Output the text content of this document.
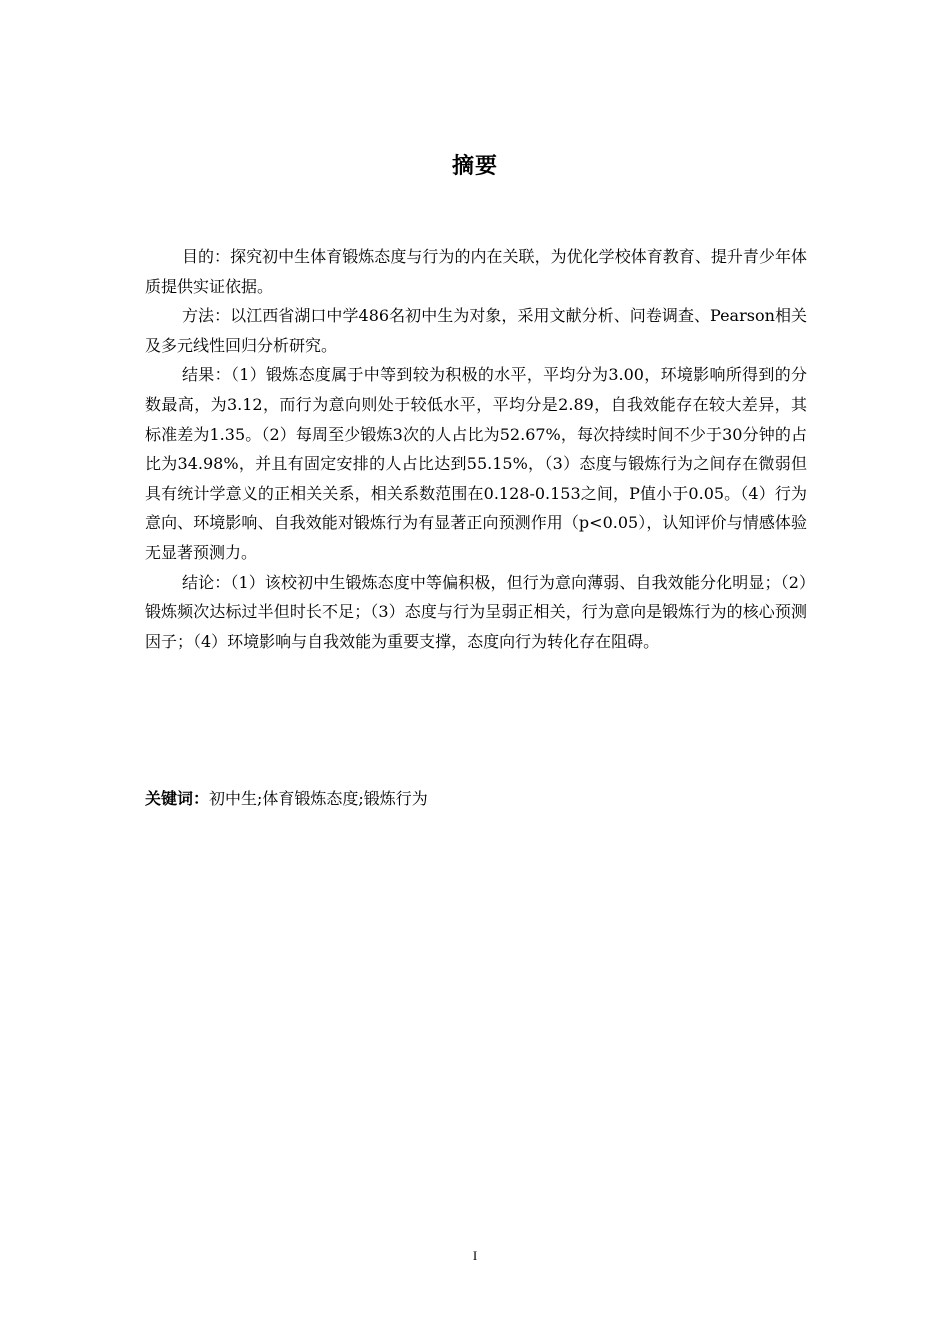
摘要

目的：探究初中生体育锻炼态度与行为的内在关联，为优化学校体育教育、提升青少年体质提供实证依据。

方法：以江西省湖口中学486名初中生为对象，采用文献分析、问卷调查、Pearson相关及多元线性回归分析研究。

结果：（1）锻炼态度属于中等到较为积极的水平，平均分为3.00，环境影响所得到的分数最高，为3.12，而行为意向则处于较低水平，平均分是2.89，自我效能存在较大差异，其标准差为1.35。（2）每周至少锻炼3次的人占比为52.67%，每次持续时间不少于30分钟的占比为34.98%，并且有固定安排的人占比达到55.15%，（3）态度与锻炼行为之间存在微弱但具有统计学意义的正相关关系，相关系数范围在0.128-0.153之间，P值小于0.05。（4）行为意向、环境影响、自我效能对锻炼行为有显著正向预测作用（p<0.05），认知评价与情感体验无显著预测力。

结论：（1）该校初中生锻炼态度中等偏积极，但行为意向薄弱、自我效能分化明显；（2）锻炼频次达标过半但时长不足；（3）态度与行为呈弱正相关，行为意向是锻炼行为的核心预测因子；（4）环境影响与自我效能为重要支撑，态度向行为转化存在阻碍。

关键词：初中生;体育锻炼态度;锻炼行为
I
